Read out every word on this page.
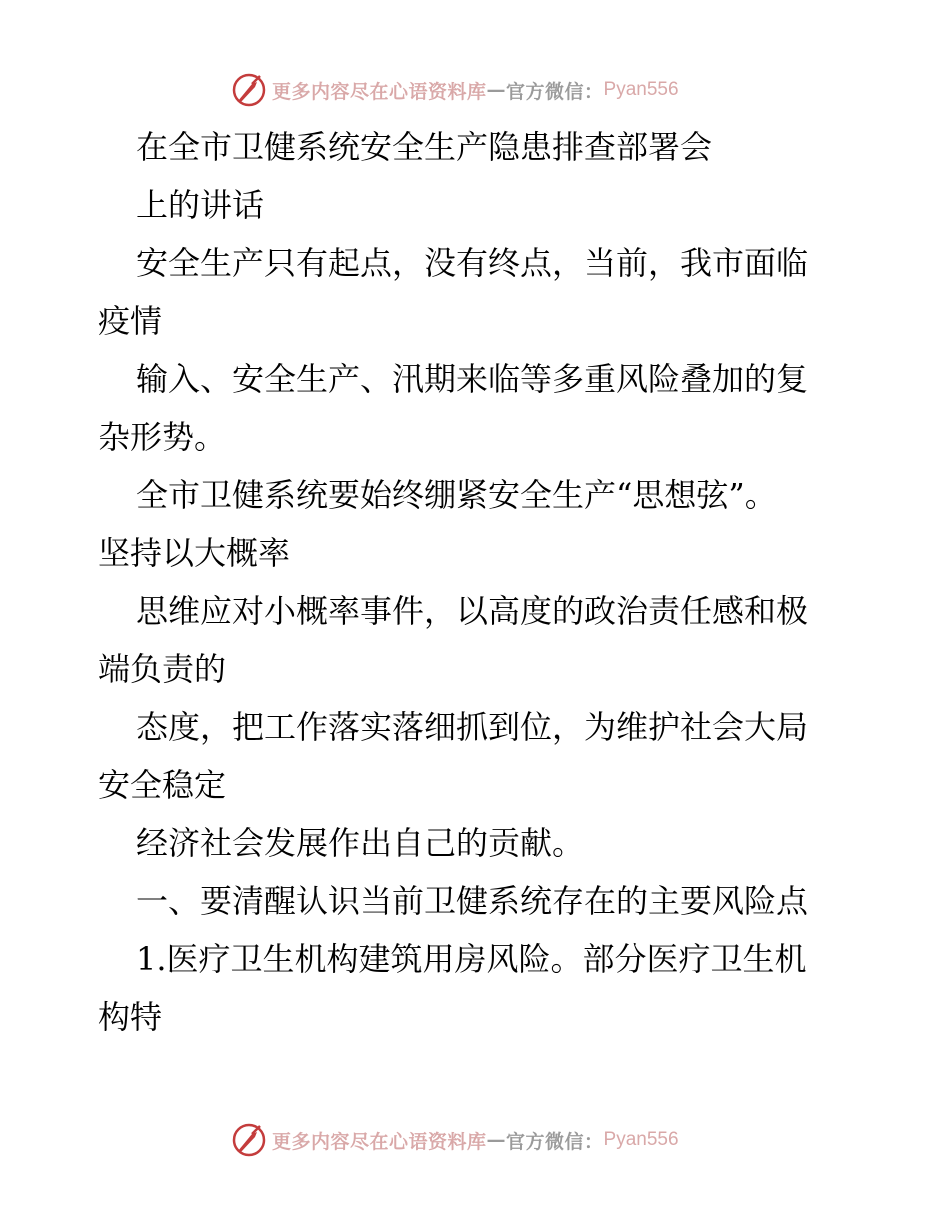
更多内容尽在心语资料库 — 官方微信： Pyan556

在全市卫健系统安全生产隐患排查部署会

上的讲话

安全生产只有起点，没有终点，当前，我市面临

疫情

输入、安全生产、汛期来临等多重风险叠加的复

杂形势。

全市卫健系统要始终绷紧安全生产“思想弦”。

坚持以大概率

思维应对小概率事件，以高度的政治责任感和极

端负责的

态度，把工作落实落细抓到位，为维护社会大局

安全稳定

经济社会发展作出自己的贡献。

一、要清醒认识当前卫健系统存在的主要风险点

1.医疗卫生机构建筑用房风险。部分医疗卫生机

构特

更多内容尽在心语资料库 — 官方微信： Pyan556
